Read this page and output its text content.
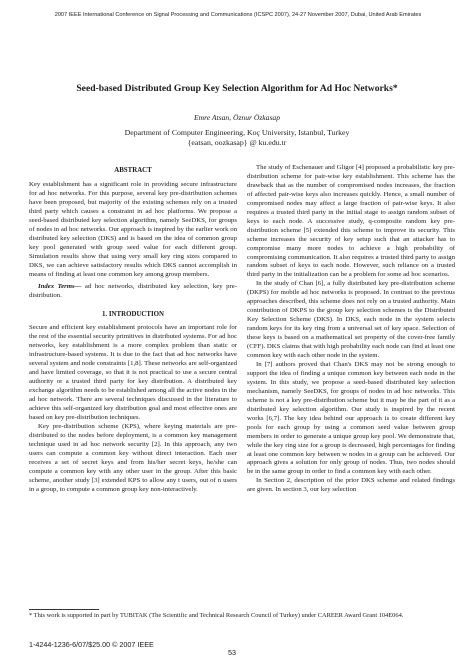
2007 IEEE International Conference on Signal Processing and Communications (ICSPC 2007), 24-27 November 2007, Dubai, United Arab Emirates
Seed-based Distributed Group Key Selection Algorithm for Ad Hoc Networks*
Emre Atsan, Öznur Özkasap
Department of Computer Engineering, Koç University, Istanbul, Turkey
{eatsan, oozkasap} @ ku.edu.tr
ABSTRACT

Key establishment has a significant role in providing secure infrastructure for ad hoc networks. For this purpose, several key pre-distribution schemes have been proposed, but majority of the existing schemes rely on a trusted third party which causes a constraint in ad hoc platforms. We propose a seed-based distributed key selection algorithm, namely SeeDKS, for groups of nodes in ad hoc networks. Our approach is inspired by the earlier work on distributed key selection (DKS) and is based on the idea of common group key pool generated with group seed value for each different group. Simulation results show that using very small key ring sizes compared to DKS, we can achieve satisfactory results which DKS cannot accomplish in means of finding at least one common key among group members.

Index Terms— ad hoc networks, distributed key selection, key pre-distribution.

1. INTRODUCTION

Secure and efficient key establishment protocols have an important role for the rest of the essential security primitives in distributed systems. For ad hoc networks, key establishment is a more complex problem than static or infrastructure-based systems. It is due to the fact that ad hoc networks have several system and node constraints [1,8]. These networks are self-organized and have limited coverage, so that it is not practical to use a secure central authority or a trusted third party for key distribution. A distributed key exchange algorithm needs to be established among all the active nodes in the ad hoc network. There are several techniques discussed in the literature to achieve this self-organized key distribution goal and most effective ones are based on key pre-distribution techniques.

Key pre-distribution scheme (KPS), where keying materials are pre-distributed to the nodes before deployment, is a common key management technique used in ad hoc network security [2]. In this approach, any two users can compute a common key without direct interaction. Each user receives a set of secret keys and from his/her secret keys, he/she can compute a common key with any other user in the group. After this basic scheme, another study [3] extended KPS to allow any t users, out of n users in a group, to compute a common group key non-interactively.

The study of Eschenauer and Gligor [4] proposed a probabilistic key pre-distribution scheme for pair-wise key establishment. This scheme has the drawback that as the number of compromised nodes increases, the fraction of affected pair-wise keys also increases quickly. Hence, a small number of compromised nodes may affect a large fraction of pair-wise keys. It also requires a trusted third party in the initial stage to assign random subset of keys to each node. A successive study, q-composite random key pre-distribution scheme [5] extended this scheme to improve its security. This scheme increases the security of key setup such that an attacker has to compromise many more nodes to achieve a high probability of compromising communication. It also requires a trusted third party to assign random subset of keys to each node. However, such reliance on a trusted third party in the initialization can be a problem for some ad hoc scenarios.

In the study of Chan [6], a fully distributed key pre-distribution scheme (DKPS) for mobile ad hoc networks is proposed. In contrast to the previous approaches described, this scheme does not rely on a trusted authority. Main contribution of DKPS to the group key selection schemes is the Distributed Key Selection Scheme (DKS). In DKS, each node in the system selects random keys for its key ring from a universal set of key space. Selection of these keys is based on a mathematical set property of the cover-free family (CFF). DKS claims that with high probability each node can find at least one common key with each other node in the system.

In [7] authors proved that Chan's DKS may not be strong enough to support the idea of finding a unique common key between each node in the system. In this study, we propose a seed-based distributed key selection mechanism, namely SeeDKS, for groups of nodes in ad hoc networks. This scheme is not a key pre-distribution scheme but it may be the part of it as a distributed key selection algorithm. Our study is inspired by the recent works [6,7]. The key idea behind our approach is to create different key pools for each group by using a common seed value between group members in order to generate a unique group key pool. We demonstrate that, while the key ring size for a group is decreased, high percentages for finding at least one common key between w nodes in a group can be achieved. Our approach gives a solution for only group of nodes. Thus, two nodes should be in the same group in order to find a common key with each other.

In Section 2, description of the prior DKS scheme and related findings are given. In section 3, our key selection

* This work is supported in part by TUBITAK (The Scientific and Technical Research Council of Turkey) under CAREER Award Grant 104E064.
1-4244-1236-6/07/$25.00 © 2007 IEEE
53
